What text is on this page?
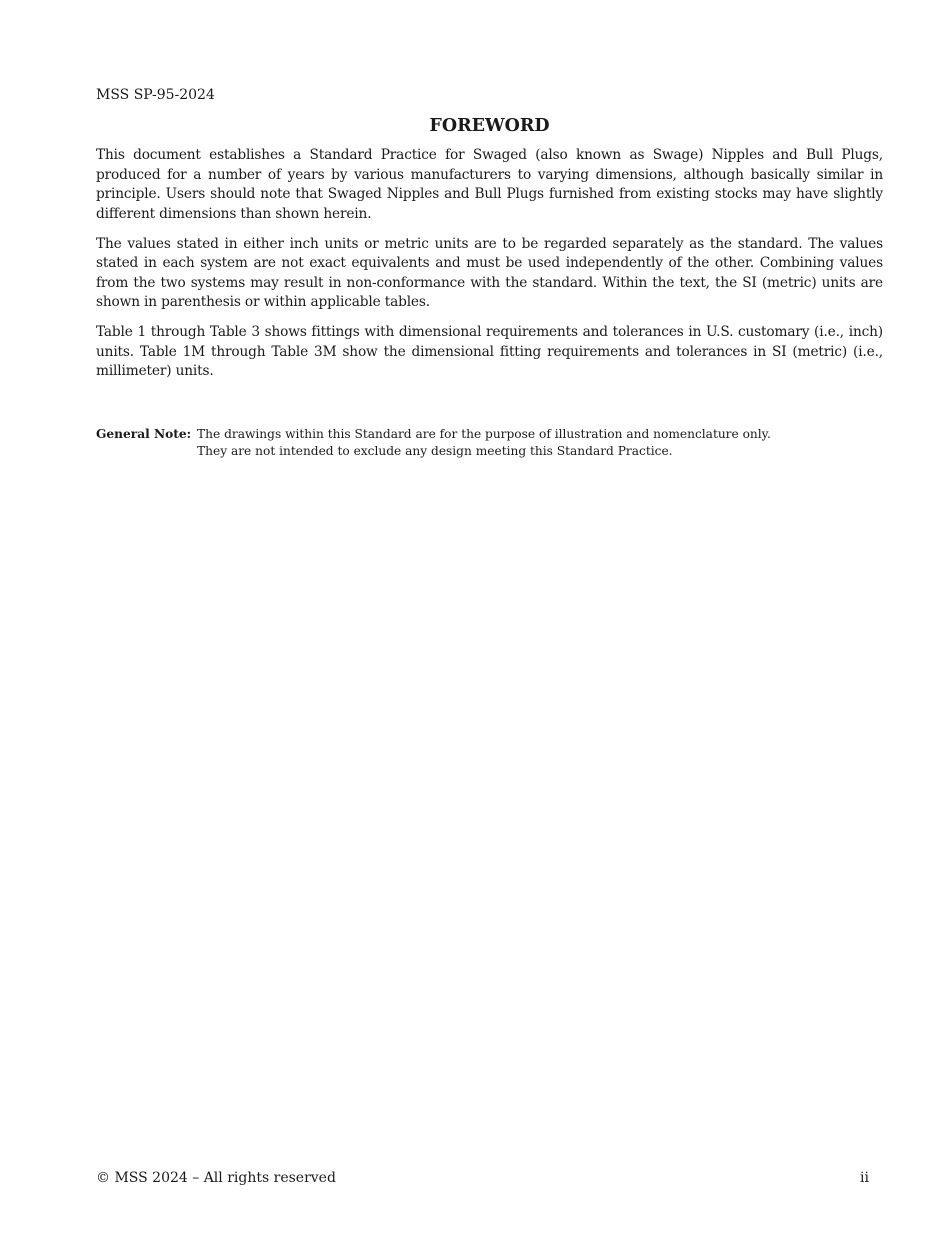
MSS SP-95-2024
FOREWORD

This document establishes a Standard Practice for Swaged (also known as Swage) Nipples and Bull Plugs, produced for a number of years by various manufacturers to varying dimensions, although basically similar in principle. Users should note that Swaged Nipples and Bull Plugs furnished from existing stocks may have slightly different dimensions than shown herein.

The values stated in either inch units or metric units are to be regarded separately as the standard. The values stated in each system are not exact equivalents and must be used independently of the other. Combining values from the two systems may result in non-conformance with the standard. Within the text, the SI (metric) units are shown in parenthesis or within applicable tables.

Table 1 through Table 3 shows fittings with dimensional requirements and tolerances in U.S. customary (i.e., inch) units. Table 1M through Table 3M show the dimensional fitting requirements and tolerances in SI (metric) (i.e., millimeter) units.

General Note: The drawings within this Standard are for the purpose of illustration and nomenclature only.
They are not intended to exclude any design meeting this Standard Practice.
© MSS 2024 – All rights reserved	ii
